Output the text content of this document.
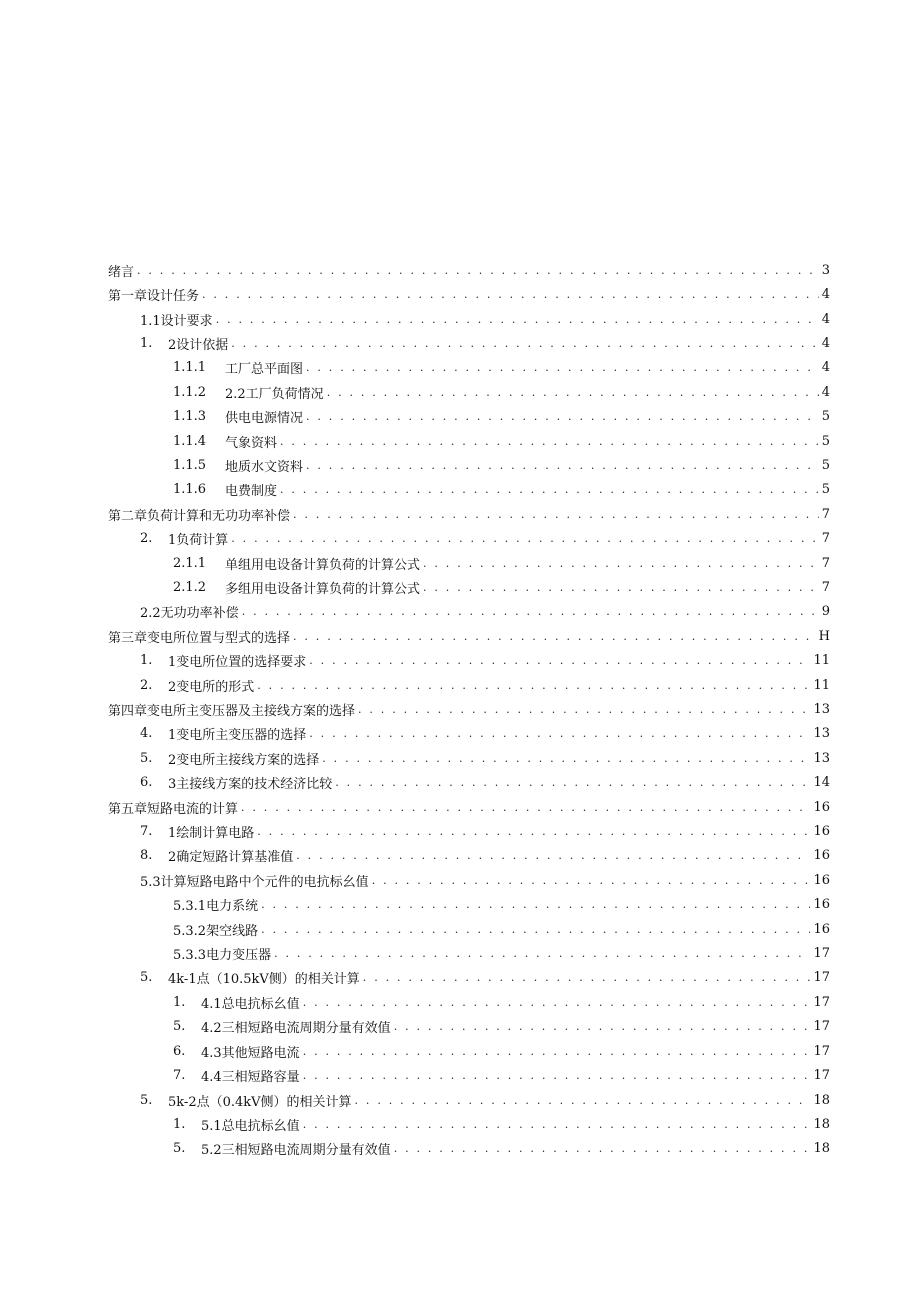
绪言 . . .	3
第一章设计任务 . . .	4
1.1设计要求 . . .	4
1.	2设计依据 . . .	4
1.1.1	工厂总平面图 . . .	4
1.1.2	2.2工厂负荷情况 . . .	4
1.1.3	供电电源情况 . . .	5
1.1.4	气象资料 . . .	5
1.1.5	地质水文资料 . . .	5
1.1.6	电费制度 . . .	5
第二章负荷计算和无功功率补偿 . . .	7
2.	1负荷计算 . . .	7
2.1.1	单组用电设备计算负荷的计算公式 . . .	7
2.1.2	多组用电设备计算负荷的计算公式 . . .	7
2.2无功功率补偿 . . .	9
第三章变电所位置与型式的选择 . . .	H
1.	1变电所位置的选择要求 . . .	11
2.	2变电所的形式 . . .	11
第四章变电所主变压器及主接线方案的选择 . . .	13
4.	1变电所主变压器的选择 . . .	13
5.	2变电所主接线方案的选择 . . .	13
6.	3主接线方案的技术经济比较 . . .	14
第五章短路电流的计算 . . .	16
7.	1绘制计算电路 . . .	16
8.	2确定短路计算基准值 . . .	16
5.3计算短路电路中个元件的电抗标幺值 . . .	16
5.3.1电力系统 . . .	16
5.3.2架空线路 . . .	16
5.3.3电力变压器 . . .	17
5.	4k-1点（10.5kV侧）的相关计算 . . .	17
1.	4.1总电抗标幺值 . . .	17
5.	4.2三相短路电流周期分量有效值 . . .	17
6.	4.3其他短路电流 . . .	17
7.	4.4三相短路容量 . . .	17
5.	5k-2点（0.4kV侧）的相关计算 . . .	18
1.	5.1总电抗标幺值 . . .	18
5.	5.2三相短路电流周期分量有效值 . . .	18
